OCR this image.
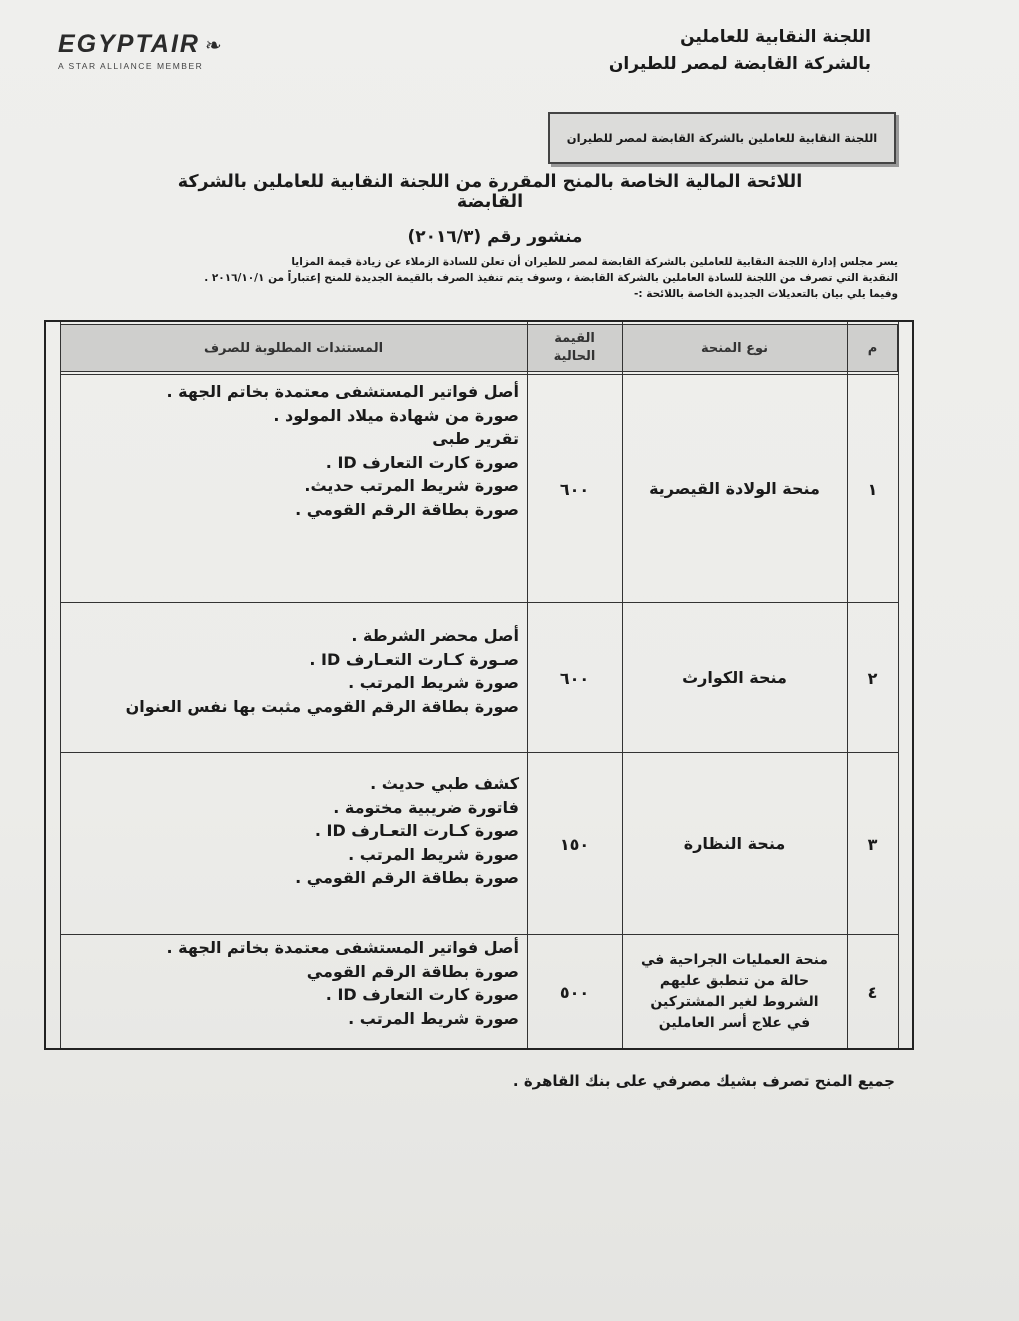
EGYPTAIR ❧
A STAR ALLIANCE MEMBER
اللجنة النقابية للعاملين
بالشركة القابضة لمصر للطيران
اللجنة النقابية للعاملين بالشركة القابضة لمصر للطيران
اللائحة المالية الخاصة بالمنح المقررة من اللجنة النقابية للعاملين بالشركة القابضة
منشور رقم (٢٠١٦/٣)
يسر مجلس إدارة اللجنة النقابية للعاملين بالشركة القابضة لمصر للطيران أن تعلن للسادة الزملاء عن زيادة قيمة المزايا
النقدية التي تصرف من اللجنة للسادة العاملين بالشركة القابضة ، وسوف يتم تنفيذ الصرف بالقيمة الجديدة للمنح إعتباراً من ٢٠١٦/١٠/١ .
وفيما يلي بيان بالتعديلات الجديدة الخاصة باللائحة :-
م
نوع المنحة
القيمة الحالية
المستندات المطلوبة للصرف
١
منحة الولادة القيصرية
٦٠٠
أصل فواتير المستشفى معتمدة بخاتم الجهة .
صورة من شهادة ميلاد المولود .
تقرير طبى
صورة كارت التعارف ID .
صورة شريط المرتب حديث.
صورة بطاقة الرقم القومي .
٢
منحة الكوارث
٦٠٠
أصل محضر الشرطة .
صـورة كـارت التعـارف ID .
صورة شريط المرتب .
صورة بطاقة الرقم القومي مثبت بها نفس العنوان
٣
منحة النظارة
١٥٠
كشف طبي حديث .
فاتورة ضريبية مختومة .
صورة كـارت التعـارف ID .
صورة شريط المرتب .
صورة بطاقة الرقم القومي .
٤
منحة العمليات الجراحية في حالة من تنطبق عليهم الشروط لغير المشتركين في علاج أسر العاملين
٥٠٠
أصل فواتير المستشفى معتمدة بخاتم الجهة .
صورة بطاقة الرقم القومي
صورة كارت التعارف ID .
صورة شريط المرتب .
جميع المنح تصرف بشيك مصرفي على بنك القاهرة .
